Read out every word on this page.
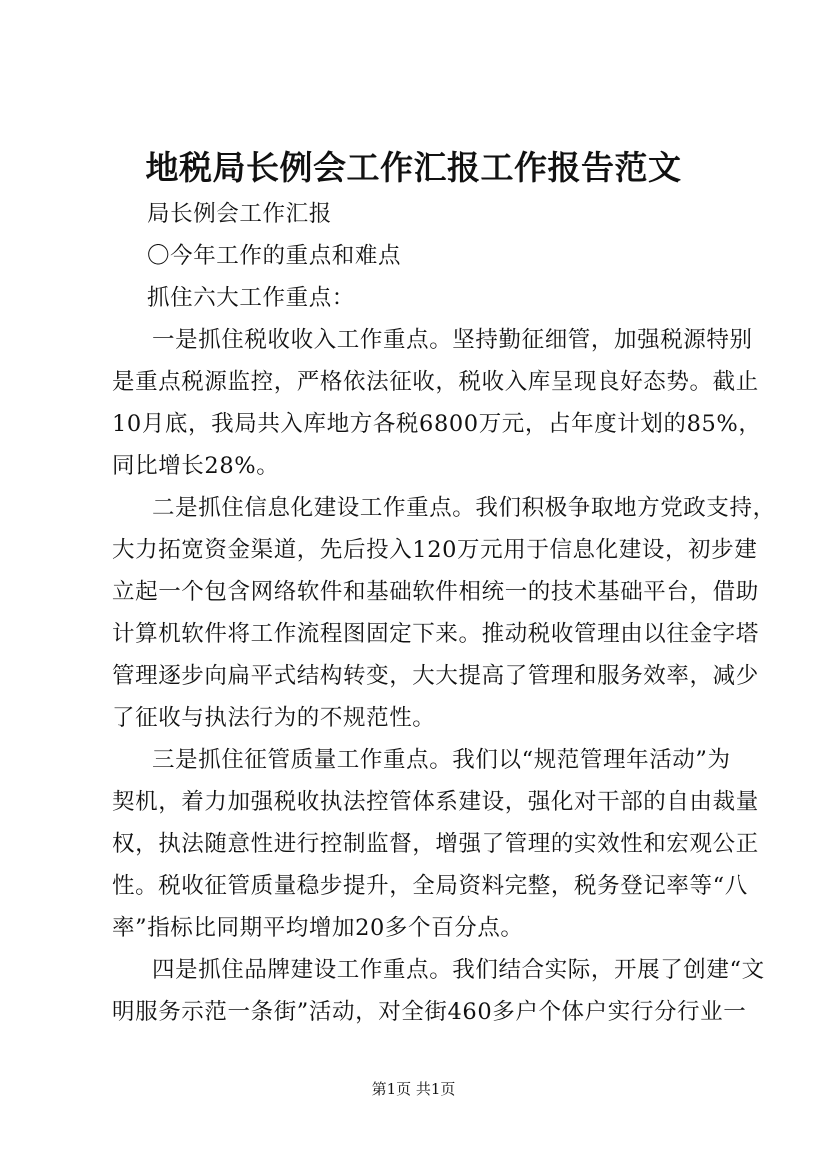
地税局长例会工作汇报工作报告范文
局长例会工作汇报
〇今年工作的重点和难点
抓住六大工作重点：
一是抓住税收收入工作重点。坚持勤征细管，加强税源特别
是重点税源监控，严格依法征收，税收入库呈现良好态势。截止
10月底，我局共入库地方各税6800万元，占年度计划的85%，
同比增长28%。
二是抓住信息化建设工作重点。我们积极争取地方党政支持，
大力拓宽资金渠道，先后投入120万元用于信息化建设，初步建
立起一个包含网络软件和基础软件相统一的技术基础平台，借助
计算机软件将工作流程图固定下来。推动税收管理由以往金字塔
管理逐步向扁平式结构转变，大大提高了管理和服务效率，减少
了征收与执法行为的不规范性。
三是抓住征管质量工作重点。我们以“规范管理年活动”为
契机，着力加强税收执法控管体系建设，强化对干部的自由裁量
权，执法随意性进行控制监督，增强了管理的实效性和宏观公正
性。税收征管质量稳步提升，全局资料完整，税务登记率等“八
率”指标比同期平均增加20多个百分点。
四是抓住品牌建设工作重点。我们结合实际，开展了创建“文
明服务示范一条街”活动，对全街460多户个体户实行分行业一
第1页 共1页
